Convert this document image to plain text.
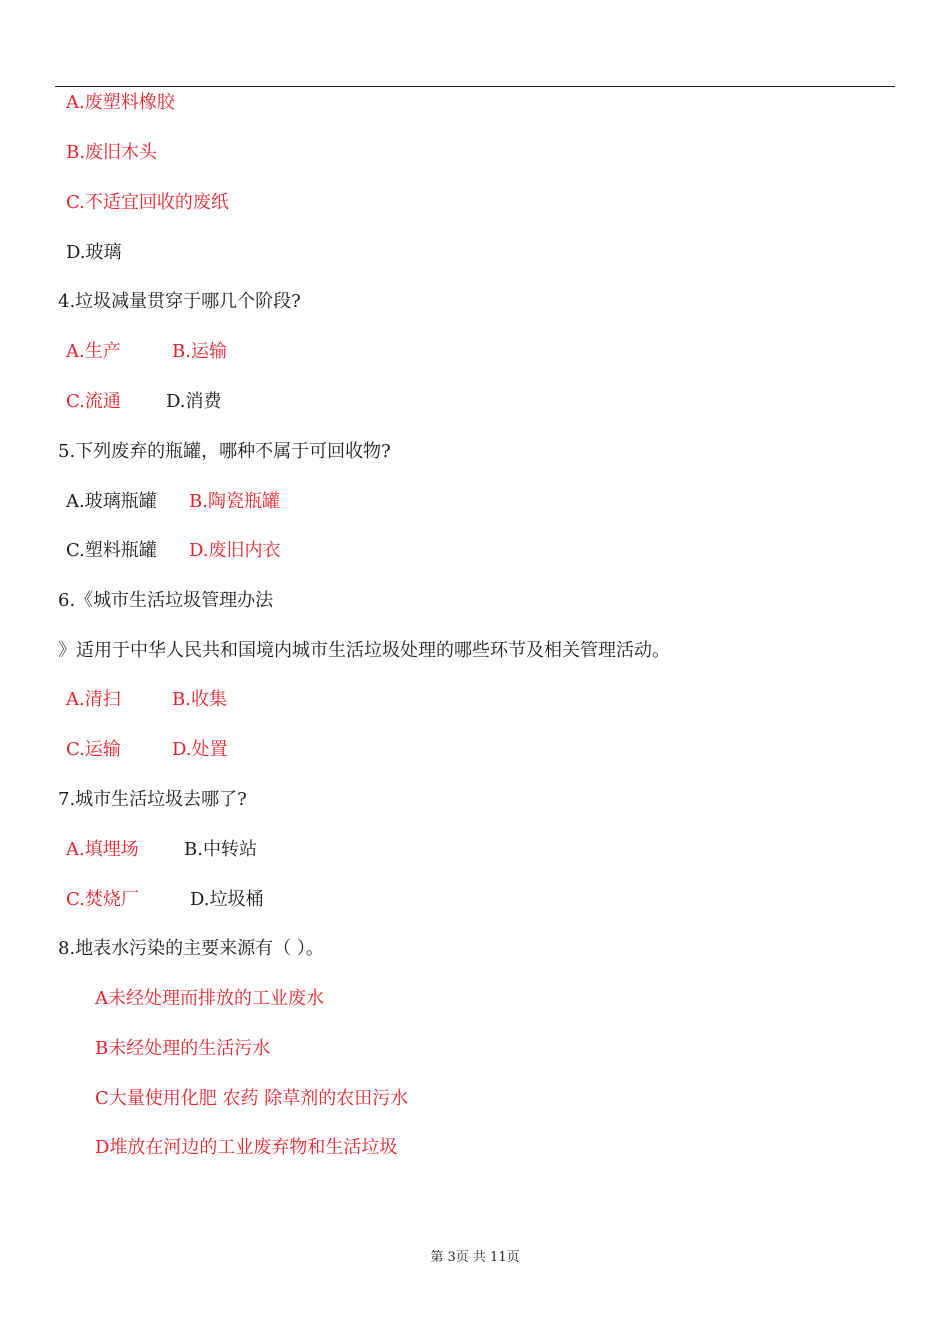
A.废塑料橡胶
B.废旧木头
C.不适宜回收的废纸
D.玻璃
4.垃圾减量贯穿于哪几个阶段?
A.生产	B.运输
C.流通	D.消费
5.下列废弃的瓶罐，哪种不属于可回收物?
A.玻璃瓶罐 B.陶瓷瓶罐
C.塑料瓶罐 D.废旧内衣
6.《城市生活垃圾管理办法
》适用于中华人民共和国境内城市生活垃圾处理的哪些环节及相关管理活动。
A.清扫	B.收集
C.运输	D.处置
7.城市生活垃圾去哪了?
A.填埋场	B.中转站
C.焚烧厂	D.垃圾桶
8.地表水污染的主要来源有（ ）。
A未经处理而排放的工业废水
B未经处理的生活污水
C大量使用化肥 农药 除草剂的农田污水
D堆放在河边的工业废弃物和生活垃圾
第 3页 共 11页
